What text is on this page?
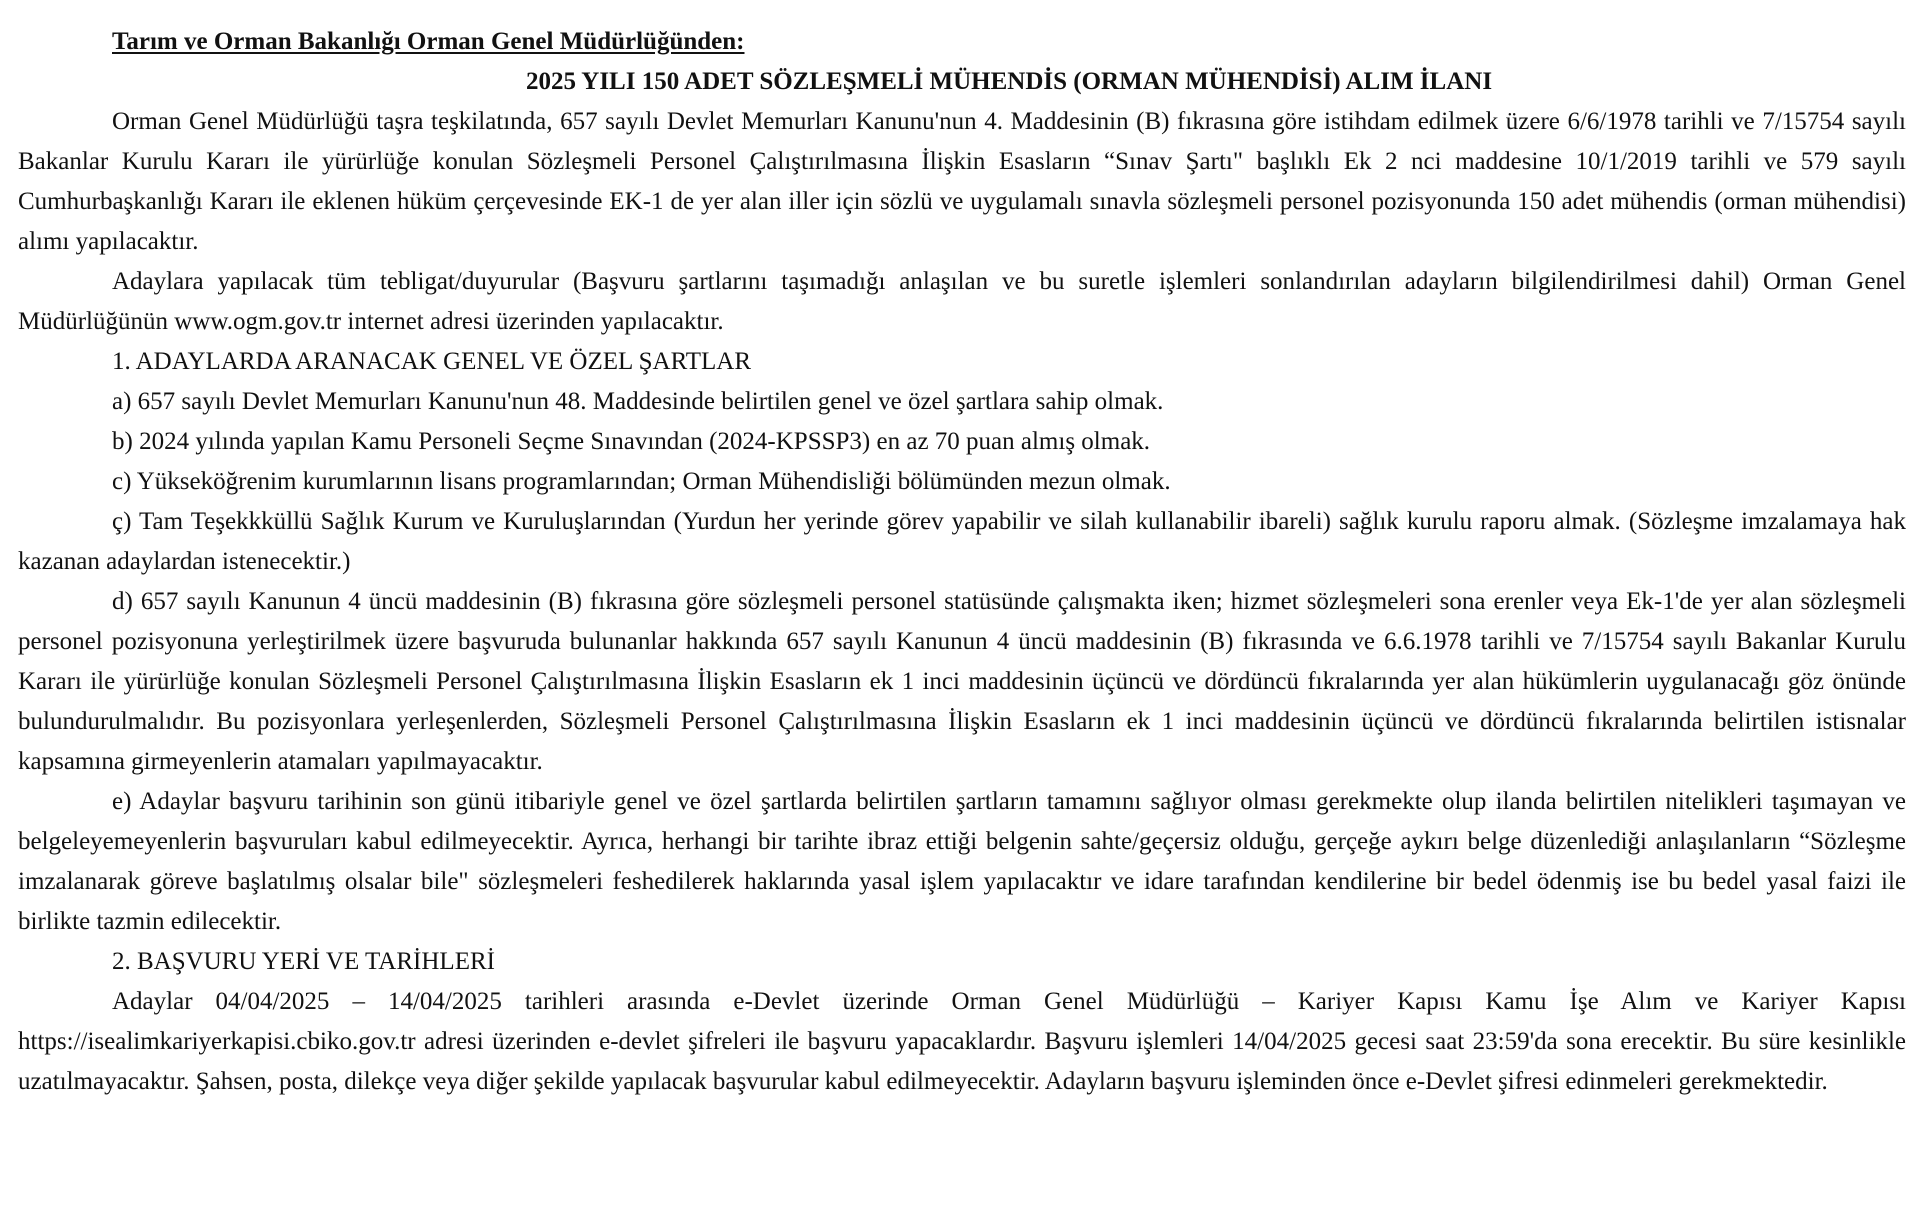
Tarım ve Orman Bakanlığı Orman Genel Müdürlüğünden:
2025 YILI 150 ADET SÖZLEŞMELİ MÜHENDİS (ORMAN MÜHENDİSİ) ALIM İLANI

Orman Genel Müdürlüğü taşra teşkilatında, 657 sayılı Devlet Memurları Kanunu'nun 4. Maddesinin (B) fıkrasına göre istihdam edilmek üzere 6/6/1978 tarihli ve 7/15754 sayılı Bakanlar Kurulu Kararı ile yürürlüğe konulan Sözleşmeli Personel Çalıştırılmasına İlişkin Esasların “Sınav Şartı" başlıklı Ek 2 nci maddesine 10/1/2019 tarihli ve 579 sayılı Cumhurbaşkanlığı Kararı ile eklenen hüküm çerçevesinde EK-1 de yer alan iller için sözlü ve uygulamalı sınavla sözleşmeli personel pozisyonunda 150 adet mühendis (orman mühendisi) alımı yapılacaktır.

Adaylara yapılacak tüm tebligat/duyurular (Başvuru şartlarını taşımadığı anlaşılan ve bu suretle işlemleri sonlandırılan adayların bilgilendirilmesi dahil) Orman Genel Müdürlüğünün www.ogm.gov.tr internet adresi üzerinden yapılacaktır.

1. ADAYLARDA ARANACAK GENEL VE ÖZEL ŞARTLAR

a) 657 sayılı Devlet Memurları Kanunu'nun 48. Maddesinde belirtilen genel ve özel şartlara sahip olmak.

b) 2024 yılında yapılan Kamu Personeli Seçme Sınavından (2024-KPSSP3) en az 70 puan almış olmak.

c) Yükseköğrenim kurumlarının lisans programlarından; Orman Mühendisliği bölümünden mezun olmak.

ç) Tam Teşekkküllü Sağlık Kurum ve Kuruluşlarından (Yurdun her yerinde görev yapabilir ve silah kullanabilir ibareli) sağlık kurulu raporu almak. (Sözleşme imzalamaya hak kazanan adaylardan istenecektir.)

d) 657 sayılı Kanunun 4 üncü maddesinin (B) fıkrasına göre sözleşmeli personel statüsünde çalışmakta iken; hizmet sözleşmeleri sona erenler veya Ek-1'de yer alan sözleşmeli personel pozisyonuna yerleştirilmek üzere başvuruda bulunanlar hakkında 657 sayılı Kanunun 4 üncü maddesinin (B) fıkrasında ve 6.6.1978 tarihli ve 7/15754 sayılı Bakanlar Kurulu Kararı ile yürürlüğe konulan Sözleşmeli Personel Çalıştırılmasına İlişkin Esasların ek 1 inci maddesinin üçüncü ve dördüncü fıkralarında yer alan hükümlerin uygulanacağı göz önünde bulundurulmalıdır. Bu pozisyonlara yerleşenlerden, Sözleşmeli Personel Çalıştırılmasına İlişkin Esasların ek 1 inci maddesinin üçüncü ve dördüncü fıkralarında belirtilen istisnalar kapsamına girmeyenlerin atamaları yapılmayacaktır.

e) Adaylar başvuru tarihinin son günü itibariyle genel ve özel şartlarda belirtilen şartların tamamını sağlıyor olması gerekmekte olup ilanda belirtilen nitelikleri taşımayan ve belgeleyemeyenlerin başvuruları kabul edilmeyecektir. Ayrıca, herhangi bir tarihte ibraz ettiği belgenin sahte/geçersiz olduğu, gerçeğe aykırı belge düzenlediği anlaşılanların “Sözleşme imzalanarak göreve başlatılmış olsalar bile" sözleşmeleri feshedilerek haklarında yasal işlem yapılacaktır ve idare tarafından kendilerine bir bedel ödenmiş ise bu bedel yasal faizi ile birlikte tazmin edilecektir.

2. BAŞVURU YERİ VE TARİHLERİ

Adaylar 04/04/2025 – 14/04/2025 tarihleri arasında e-Devlet üzerinde Orman Genel Müdürlüğü – Kariyer Kapısı Kamu İşe Alım ve Kariyer Kapısı https://isealimkariyerkapisi.cbiko.gov.tr adresi üzerinden e-devlet şifreleri ile başvuru yapacaklardır. Başvuru işlemleri 14/04/2025 gecesi saat 23:59'da sona erecektir. Bu süre kesinlikle uzatılmayacaktır. Şahsen, posta, dilekçe veya diğer şekilde yapılacak başvurular kabul edilmeyecektir. Adayların başvuru işleminden önce e-Devlet şifresi edinmeleri gerekmektedir.
